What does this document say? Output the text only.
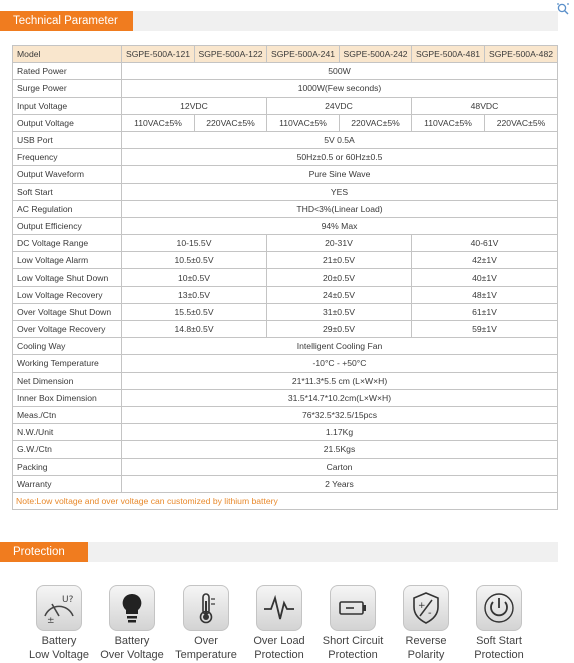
Technical Parameter
Model	SGPE-500A-121	SGPE-500A-122	SGPE-500A-241	SGPE-500A-242	SGPE-500A-481	SGPE-500A-482
Rated Power	500W					
Surge Power	1000W(Few seconds)					
Input Voltage	12VDC		24VDC		48VDC	
Output Voltage	110VAC±5%	220VAC±5%	110VAC±5%	220VAC±5%	110VAC±5%	220VAC±5%
USB Port	5V 0.5A					
Frequency	50Hz±0.5 or 60Hz±0.5					
Output Waveform	Pure Sine Wave					
Soft Start	YES					
AC Regulation	THD<3%(Linear Load)					
Output Efficiency	94% Max					
DC Voltage Range	10-15.5V		20-31V		40-61V	
Low Voltage Alarm	10.5±0.5V		21±0.5V		42±1V	
Low Voltage Shut Down	10±0.5V		20±0.5V		40±1V	
Low Voltage Recovery	13±0.5V		24±0.5V		48±1V	
Over Voltage Shut Down	15.5±0.5V		31±0.5V		61±1V	
Over Voltage Recovery	14.8±0.5V		29±0.5V		59±1V	
Cooling Way	Intelligent Cooling Fan					
Working Temperature	-10°C - +50°C					
Net Dimension	21*11.3*5.5 cm (L×W×H)					
Inner Box Dimension	31.5*14.7*10.2cm(L×W×H)					
Meas./Ctn	76*32.5*32.5/15pcs					
N.W./Unit	1.17Kg					
G.W./Ctn	21.5Kgs					
Packing	Carton					
Warranty	2 Years					
Note:Low voltage and over voltage can customized by lithium battery						
Protection
U?
±
Battery
Low Voltage
Battery
Over Voltage
Over
Temperature
Over Load
Protection
Short Circuit
Protection
+
-
Reverse
Polarity
Soft Start
Protection
